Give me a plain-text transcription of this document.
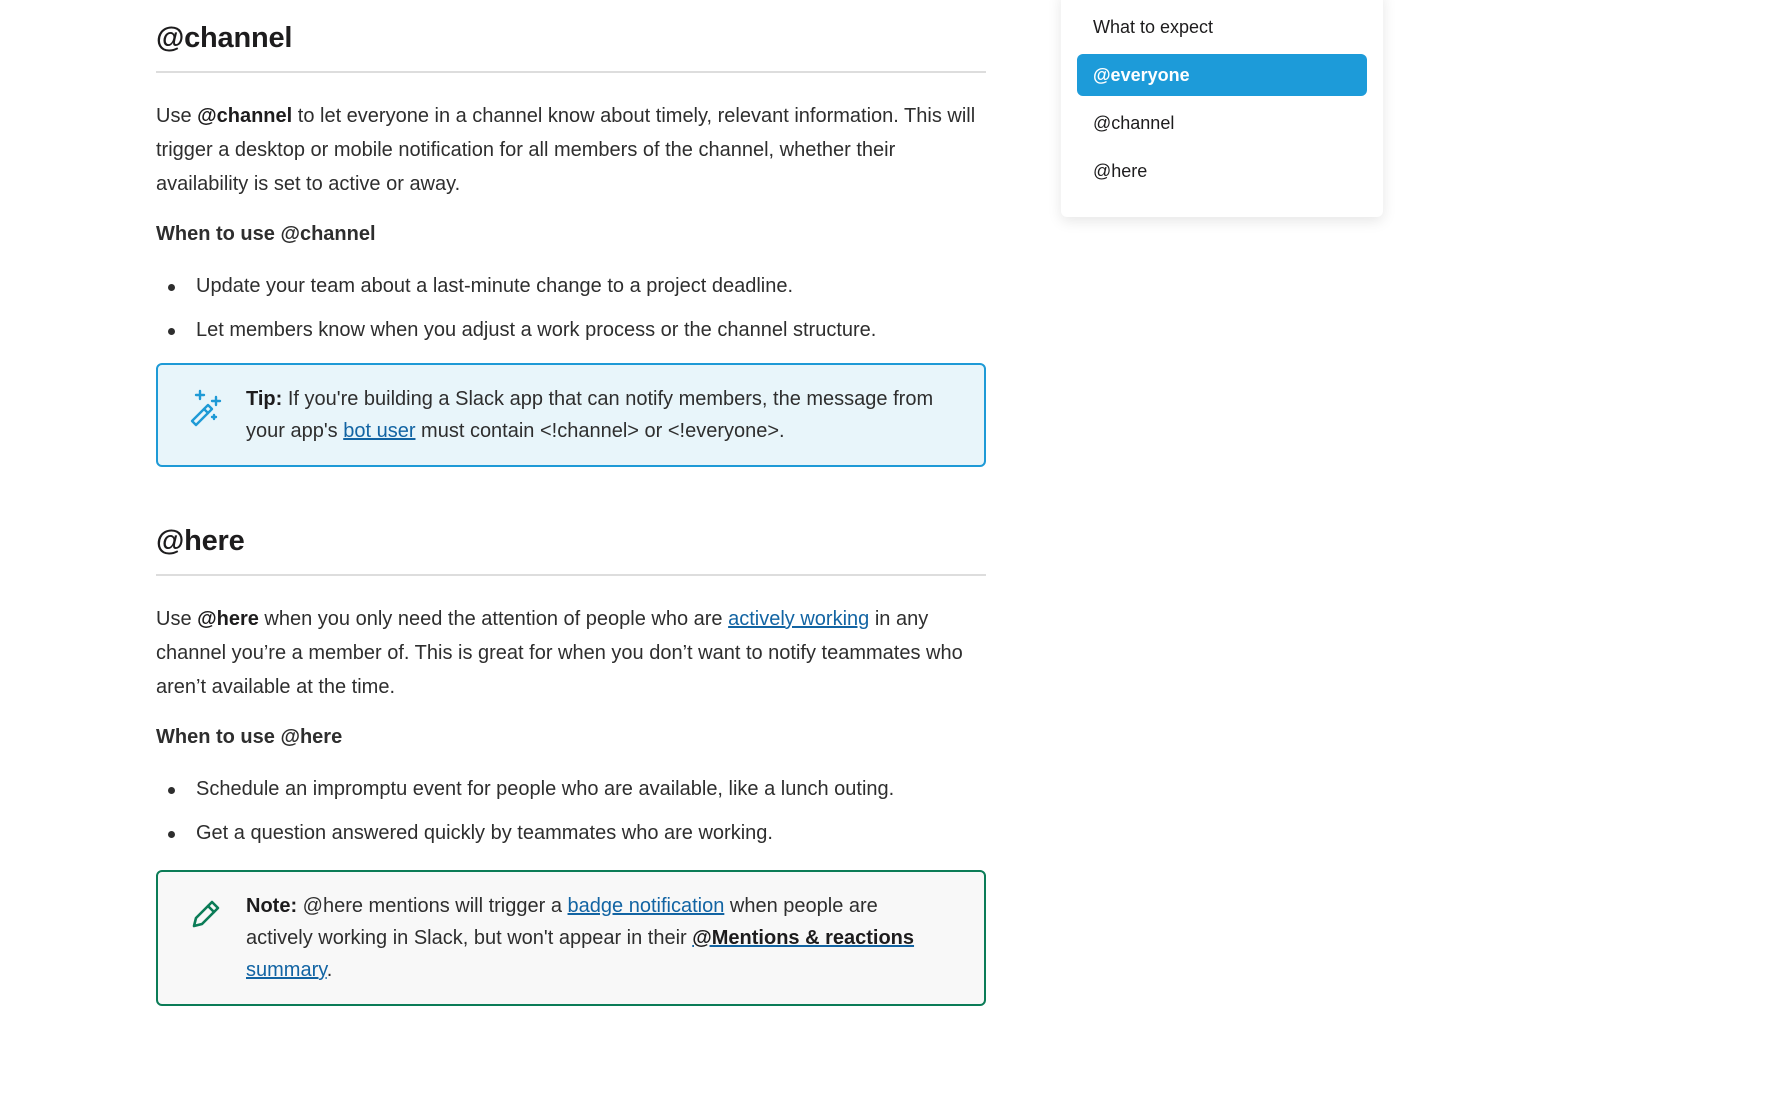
@channel

Use @channel to let everyone in a channel know about timely, relevant information. This will trigger a desktop or mobile notification for all members of the channel, whether their availability is set to active or away.

When to use @channel
Update your team about a last-minute change to a project deadline.
Let members know when you adjust a work process or the channel structure.
Tip: If you're building a Slack app that can notify members, the message from your app's bot user must contain <!channel> or <!everyone>.
@here

Use @here when you only need the attention of people who are actively working in any channel you’re a member of. This is great for when you don’t want to notify teammates who aren’t available at the time.

When to use @here
Schedule an impromptu event for people who are available, like a lunch outing.
Get a question answered quickly by teammates who are working.
Note: @here mentions will trigger a badge notification when people are actively working in Slack, but won't appear in their @Mentions & reactions summary.
What to expect
@everyone
@channel
@here
